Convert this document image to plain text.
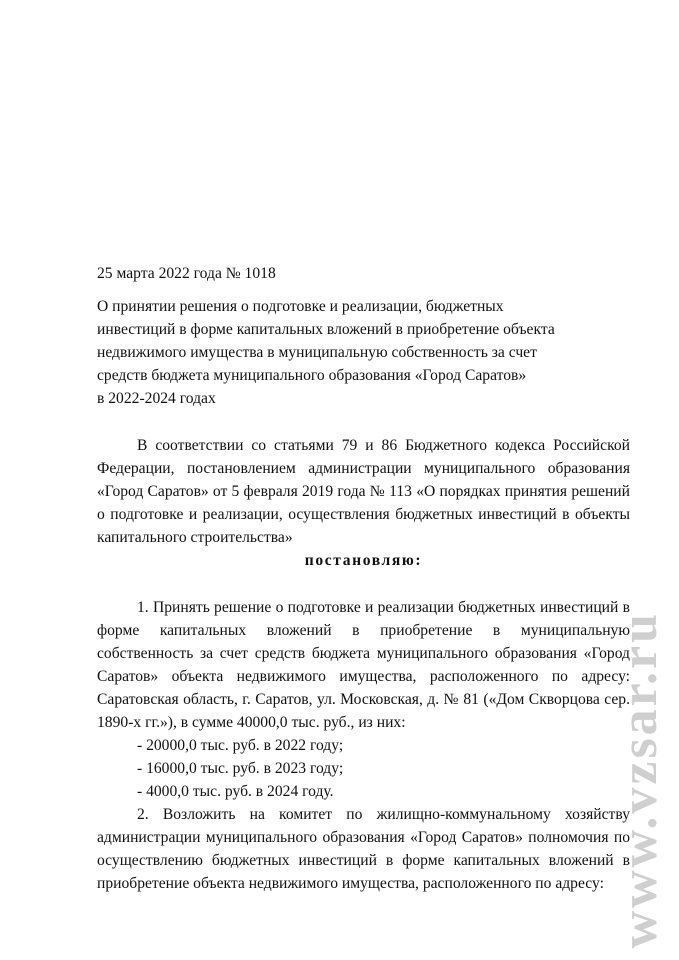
25 марта 2022 года № 1018

О принятии решения о подготовке и реализации, бюджетных

инвестиций в форме капитальных вложений в приобретение объекта

недвижимого имущества в муниципальную собственность за счет

средств бюджета муниципального образования «Город Саратов»

в 2022-2024 годах

В соответствии со статьями 79 и 86 Бюджетного кодекса Российской Федерации, постановлением администрации муниципального образования «Город Саратов» от 5 февраля 2019 года № 113 «О порядках принятия решений о подготовке и реализации, осуществления бюджетных инвестиций в объекты капитального строительства»

постановляю:

1. Принять решение о подготовке и реализации бюджетных инвестиций в форме капитальных вложений в приобретение в муниципальную собственность за счет средств бюджета муниципального образования «Город Саратов» объекта недвижимого имущества, расположенного по адресу: Саратовская область, г. Саратов, ул. Московская, д. № 81 («Дом Скворцова сер. 1890-х гг.»), в сумме 40000,0 тыс. руб., из них:

- 20000,0 тыс. руб. в 2022 году;

- 16000,0 тыс. руб. в 2023 году;

- 4000,0 тыс. руб. в 2024 году.

2. Возложить на комитет по жилищно-коммунальному хозяйству администрации муниципального образования «Город Саратов» полномочия по осуществлению бюджетных инвестиций в форме капитальных вложений в приобретение объекта недвижимого имущества, расположенного по адресу: www.vzsar.ru
